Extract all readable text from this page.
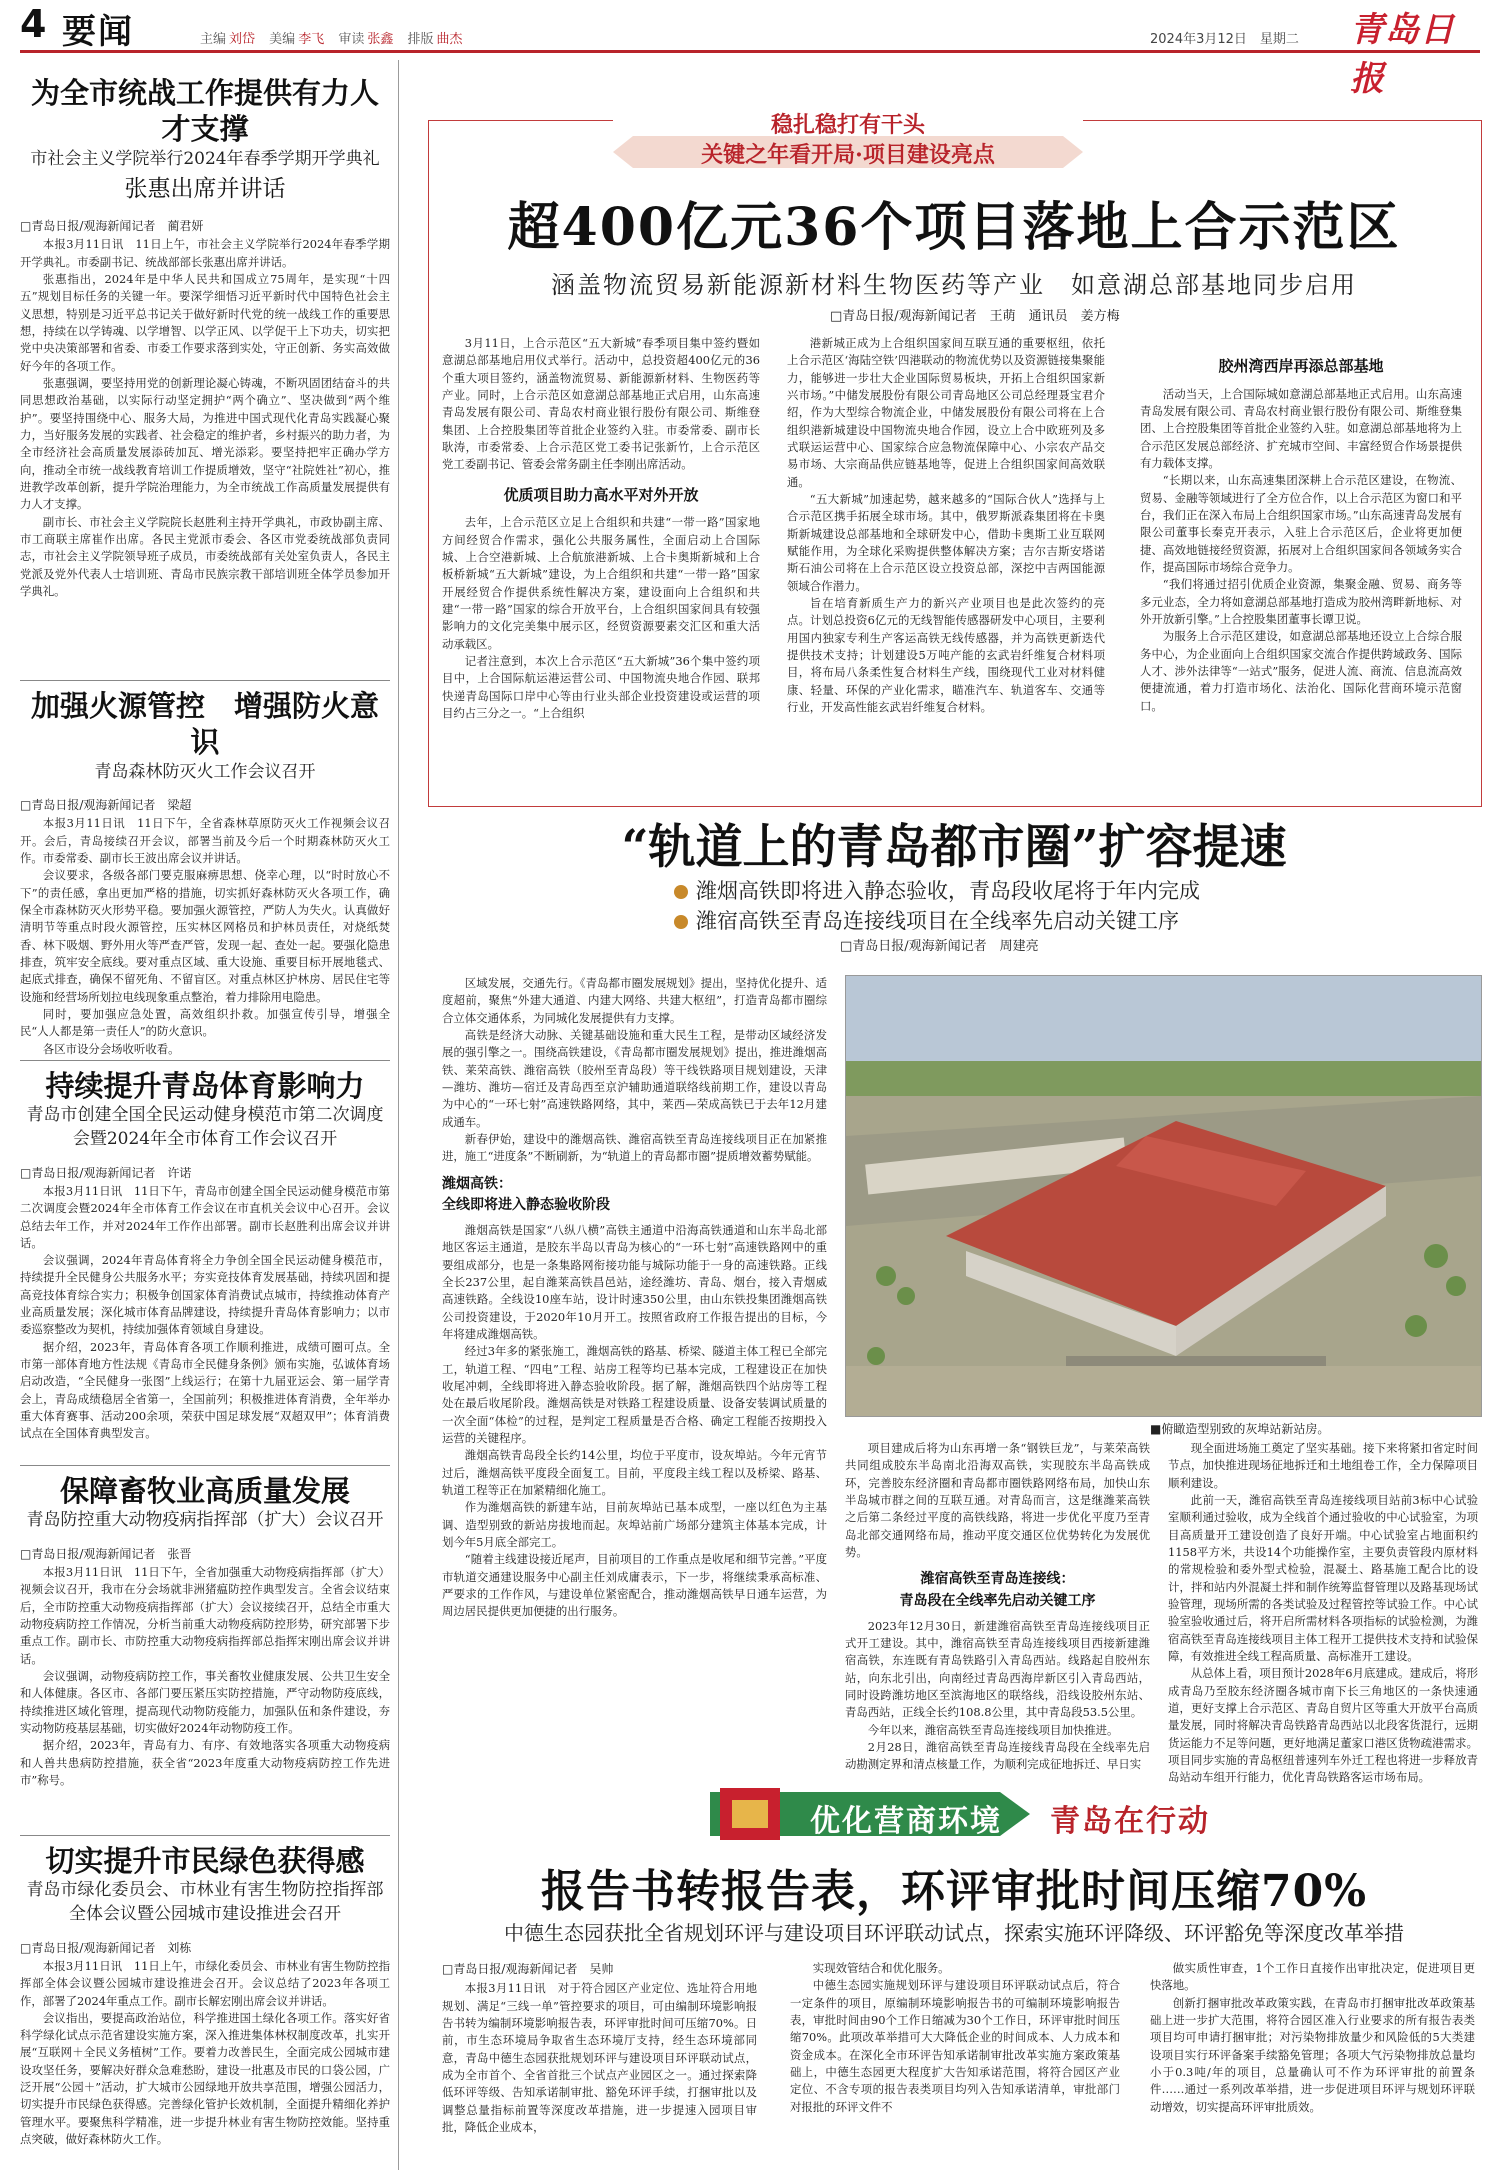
4 要闻	主编 刘岱 美编 李飞 审读 张鑫 排版 曲杰	2024年3月12日　星期二 青岛日报
为全市统战工作提供有力人才支撑
市社会主义学院举行2024年春季学期开学典礼
张惠出席并讲话
□青岛日报/观海新闻记者　蔺君妍

本报3月11日讯　11日上午，市社会主义学院举行2024年春季学期开学典礼。市委副书记、统战部部长张惠出席并讲话。

张惠指出，2024年是中华人民共和国成立75周年，是实现“十四五”规划目标任务的关键一年。要深学细悟习近平新时代中国特色社会主义思想，特别是习近平总书记关于做好新时代党的统一战线工作的重要思想，持续在以学铸魂、以学增智、以学正风、以学促干上下功夫，切实把党中央决策部署和省委、市委工作要求落到实处，守正创新、务实高效做好今年的各项工作。

张惠强调，要坚持用党的创新理论凝心铸魂，不断巩固团结奋斗的共同思想政治基础，以实际行动坚定拥护“两个确立”、坚决做到“两个维护”。要坚持围绕中心、服务大局，为推进中国式现代化青岛实践凝心聚力，当好服务发展的实践者、社会稳定的维护者，乡村振兴的助力者，为全市经济社会高质量发展添砖加瓦、增光添彩。要坚持把牢正确办学方向，推动全市统一战线教育培训工作提质增效，坚守“社院姓社”初心，推进教学改革创新，提升学院治理能力，为全市统战工作高质量发展提供有力人才支撑。

副市长、市社会主义学院院长赵胜利主持开学典礼，市政协副主席、市工商联主席崔作出席。各民主党派市委会、各区市党委统战部负责同志，市社会主义学院领导班子成员，市委统战部有关处室负责人，各民主党派及党外代表人士培训班、青岛市民族宗教干部培训班全体学员参加开学典礼。

加强火源管控　增强防火意识
青岛森林防灭火工作会议召开
□青岛日报/观海新闻记者　梁超

本报3月11日讯　11日下午，全省森林草原防灭火工作视频会议召开。会后，青岛接续召开会议，部署当前及今后一个时期森林防灭火工作。市委常委、副市长王波出席会议并讲话。

会议要求，各级各部门要克服麻痹思想、侥幸心理，以“时时放心不下”的责任感，拿出更加严格的措施，切实抓好森林防灭火各项工作，确保全市森林防灭火形势平稳。要加强火源管控，严防人为失火。认真做好清明节等重点时段火源管控，压实林区网格员和护林员责任，对烧纸焚香、林下吸烟、野外用火等严查严管，发现一起、查处一起。要强化隐患排查，筑牢安全底线。要对重点区域、重大设施、重要目标开展地毯式、起底式排查，确保不留死角、不留盲区。对重点林区护林房、居民住宅等设施和经营场所划拉电线现象重点整治，着力排除用电隐患。

同时，要加强应急处置，高效组织扑救。加强宣传引导，增强全民“人人都是第一责任人”的防火意识。

各区市设分会场收听收看。

持续提升青岛体育影响力
青岛市创建全国全民运动健身模范市第二次调度会暨2024年全市体育工作会议召开
□青岛日报/观海新闻记者　许诺

本报3月11日讯　11日下午，青岛市创建全国全民运动健身模范市第二次调度会暨2024年全市体育工作会议在市直机关会议中心召开。会议总结去年工作，并对2024年工作作出部署。副市长赵胜利出席会议并讲话。

会议强调，2024年青岛体育将全力争创全国全民运动健身模范市，持续提升全民健身公共服务水平；夯实竞技体育发展基础，持续巩固和提高竞技体育综合实力；积极争创国家体育消费试点城市，持续推动体育产业高质量发展；深化城市体育品牌建设，持续提升青岛体育影响力；以市委巡察整改为契机，持续加强体育领域自身建设。

据介绍，2023年，青岛体育各项工作顺利推进，成绩可圈可点。全市第一部体育地方性法规《青岛市全民健身条例》颁布实施，弘诚体育场启动改造，“全民健身一张图”上线运行；在第十九届亚运会、第一届学青会上，青岛成绩稳居全省第一，全国前列；积极推进体育消费，全年举办重大体育赛事、活动200余项，荣获中国足球发展“双超双甲”；体育消费试点在全国体育典型发言。

保障畜牧业高质量发展
青岛防控重大动物疫病指挥部（扩大）会议召开
□青岛日报/观海新闻记者　张晋

本报3月11日讯　11日下午，全省加强重大动物疫病指挥部（扩大）视频会议召开，我市在分会场就非洲猪瘟防控作典型发言。全省会议结束后，全市防控重大动物疫病指挥部（扩大）会议接续召开，总结全市重大动物疫病防控工作情况，分析当前重大动物疫病防控形势，研究部署下步重点工作。副市长、市防控重大动物疫病指挥部总指挥宋刚出席会议并讲话。

会议强调，动物疫病防控工作，事关畜牧业健康发展、公共卫生安全和人体健康。各区市、各部门要压紧压实防控措施，严守动物防疫底线，持续推进区域化管理，提高现代动物防疫能力，加强队伍和条件建设，夯实动物防疫基层基础，切实做好2024年动物防疫工作。

据介绍，2023年，青岛有力、有序、有效地落实各项重大动物疫病和人兽共患病防控措施，获全省“2023年度重大动物疫病防控工作先进市”称号。

切实提升市民绿色获得感
青岛市绿化委员会、市林业有害生物防控指挥部全体会议暨公园城市建设推进会召开
□青岛日报/观海新闻记者　刘栋

本报3月11日讯　11日上午，市绿化委员会、市林业有害生物防控指挥部全体会议暨公园城市建设推进会召开。会议总结了2023年各项工作，部署了2024年重点工作。副市长解宏刚出席会议并讲话。

会议指出，要提高政治站位，科学推进国土绿化各项工作。落实好省科学绿化试点示范省建设实施方案，深入推进集体林权制度改革，扎实开展“互联网＋全民义务植树”工作。要着力改善民生，全面完成公园城市建设攻坚任务，要解决好群众急难愁盼，建设一批惠及市民的口袋公园，广泛开展“公园＋”活动，扩大城市公园绿地开放共享范围，增强公园活力，切实提升市民绿色获得感。完善绿化管护长效机制，全面提升精细化养护管理水平。要聚焦科学精准，进一步提升林业有害生物防控效能。坚持重点突破，做好森林防火工作。

稳扎稳打有干头
关键之年看开局·项目建设亮点
超400亿元36个项目落地上合示范区
涵盖物流贸易新能源新材料生物医药等产业　如意湖总部基地同步启用
□青岛日报/观海新闻记者　王萌　通讯员　姜方梅

3月11日，上合示范区“五大新城”春季项目集中签约暨如意湖总部基地启用仪式举行。活动中，总投资超400亿元的36个重大项目签约，涵盖物流贸易、新能源新材料、生物医药等产业。同时，上合示范区如意湖总部基地正式启用，山东高速青岛发展有限公司、青岛农村商业银行股份有限公司、斯维登集团、上合控股集团等首批企业签约入驻。市委常委、副市长耿涛，市委常委、上合示范区党工委书记张新竹，上合示范区党工委副书记、管委会常务副主任李刚出席活动。

优质项目助力高水平对外开放

去年，上合示范区立足上合组织和共建“一带一路”国家地方间经贸合作需求，强化公共服务属性，全面启动上合国际城、上合空港新城、上合航旅港新城、上合卡奥斯新城和上合板桥新城“五大新城”建设，为上合组织和共建“一带一路”国家开展经贸合作提供系统性解决方案，建设面向上合组织和共建“一带一路”国家的综合开放平台，上合组织国家间具有较强影响力的文化完美集中展示区，经贸资源要素交汇区和重大活动承载区。

记者注意到，本次上合示范区“五大新城”36个集中签约项目中，上合国际航运港运营公司、中国物流央地合作园、联邦快递青岛国际口岸中心等由行业头部企业投资建设或运营的项目约占三分之一。“上合组织

港新城正成为上合组织国家间互联互通的重要枢纽，依托上合示范区‘海陆空铁’四港联动的物流优势以及资源链接集聚能力，能够进一步壮大企业国际贸易板块，开拓上合组织国家新兴市场。”中储发展股份有限公司青岛地区公司总经理聂宝君介绍，作为大型综合物流企业，中储发展股份有限公司将在上合组织港新城建设中国物流央地合作园，设立上合中欧班列及多式联运运营中心、国家综合应急物流保障中心、小宗农产品交易市场、大宗商品供应链基地等，促进上合组织国家间高效联通。

“五大新城”加速起势，越来越多的“国际合伙人”选择与上合示范区携手拓展全球市场。其中，俄罗斯派森集团将在卡奥斯新城建设总部基地和全球研发中心，借助卡奥斯工业互联网赋能作用，为全球化采购提供整体解决方案；吉尔吉斯安塔诺斯石油公司将在上合示范区设立投资总部，深挖中吉两国能源领域合作潜力。

旨在培育新质生产力的新兴产业项目也是此次签约的亮点。计划总投资6亿元的无线智能传感器研发中心项目，主要利用国内独家专利生产客运高铁无线传感器，并为高铁更新迭代提供技术支持；计划建设5万吨产能的玄武岩纤维复合材料项目，将布局八条柔性复合材料生产线，围绕现代工业对材料健康、轻量、环保的产业化需求，瞄准汽车、轨道客车、交通等行业，开发高性能玄武岩纤维复合材料。

胶州湾西岸再添总部基地

活动当天，上合国际城如意湖总部基地正式启用。山东高速青岛发展有限公司、青岛农村商业银行股份有限公司、斯维登集团、上合控股集团等首批企业签约入驻。如意湖总部基地将为上合示范区发展总部经济、扩充城市空间、丰富经贸合作场景提供有力载体支撑。

“长期以来，山东高速集团深耕上合示范区建设，在物流、贸易、金融等领域进行了全方位合作，以上合示范区为窗口和平台，我们正在深入布局上合组织国家市场。”山东高速青岛发展有限公司董事长秦克开表示，入驻上合示范区后，企业将更加便捷、高效地链接经贸资源，拓展对上合组织国家间各领域务实合作，提高国际市场综合竞争力。

“我们将通过招引优质企业资源，集聚金融、贸易、商务等多元业态，全力将如意湖总部基地打造成为胶州湾畔新地标、对外开放新引擎。”上合控股集团董事长谭卫说。

为服务上合示范区建设，如意湖总部基地还设立上合综合服务中心，为企业面向上合组织国家交流合作提供跨域政务、国际人才、涉外法律等“一站式”服务，促进人流、商流、信息流高效便捷流通，着力打造市场化、法治化、国际化营商环境示范窗口。

“轨道上的青岛都市圈”扩容提速
潍烟高铁即将进入静态验收，青岛段收尾将于年内完成
潍宿高铁至青岛连接线项目在全线率先启动关键工序
□青岛日报/观海新闻记者　周建亮

区域发展，交通先行。《青岛都市圈发展规划》提出，坚持优化提升、适度超前，聚焦“外建大通道、内建大网络、共建大枢纽”，打造青岛都市圈综合立体交通体系，为同城化发展提供有力支撑。

高铁是经济大动脉、关键基础设施和重大民生工程，是带动区域经济发展的强引擎之一。围绕高铁建设，《青岛都市圈发展规划》提出，推进潍烟高铁、莱荣高铁、潍宿高铁（胶州至青岛段）等干线铁路项目规划建设，天津—潍坊、潍坊—宿迁及青岛西至京沪辅助通道联络线前期工作，建设以青岛为中心的“一环七射”高速铁路网络，其中，莱西—荣成高铁已于去年12月建成通车。

新春伊始，建设中的潍烟高铁、潍宿高铁至青岛连接线项目正在加紧推进，施工“进度条”不断刷新，为“轨道上的青岛都市圈”提质增效蓄势赋能。

潍烟高铁：
全线即将进入静态验收阶段

潍烟高铁是国家“八纵八横”高铁主通道中沿海高铁通道和山东半岛北部地区客运主通道，是胶东半岛以青岛为核心的“一环七射”高速铁路网中的重要组成部分，也是一条集路网衔接功能与城际功能于一身的高速铁路。正线全长237公里，起自潍莱高铁昌邑站，途经潍坊、青岛、烟台，接入青烟威高速铁路。全线设10座车站，设计时速350公里，由山东铁投集团潍烟高铁公司投资建设，于2020年10月开工。按照省政府工作报告提出的目标，今年将建成潍烟高铁。

经过3年多的紧张施工，潍烟高铁的路基、桥梁、隧道主体工程已全部完工，轨道工程、“四电”工程、站房工程等均已基本完成，工程建设正在加快收尾冲刺，全线即将进入静态验收阶段。据了解，潍烟高铁四个站房等工程处在最后收尾阶段。潍烟高铁是对铁路工程建设质量、设备安装调试质量的一次全面“体检”的过程，是判定工程质量是否合格、确定工程能否按期投入运营的关键程序。

潍烟高铁青岛段全长约14公里，均位于平度市，设灰埠站。今年元宵节过后，潍烟高铁平度段全面复工。目前，平度段主线工程以及桥梁、路基、轨道工程等正在加紧精细化施工。

作为潍烟高铁的新建车站，目前灰埠站已基本成型，一座以红色为主基调、造型别致的新站房拔地而起。灰埠站前广场部分建筑主体基本完成，计划今年5月底全部完工。

“随着主线建设接近尾声，目前项目的工作重点是收尾和细节完善。”平度市轨道交通建设服务中心副主任刘成庸表示，下一步，将继续秉承高标准、严要求的工作作风，与建设单位紧密配合，推动潍烟高铁早日通车运营，为周边居民提供更加便捷的出行服务。

■俯瞰造型别致的灰埠站新站房。

项目建成后将为山东再增一条“钢铁巨龙”，与莱荣高铁共同组成胶东半岛南北沿海双高铁，实现胶东半岛高铁成环，完善胶东经济圈和青岛都市圈铁路网络布局，加快山东半岛城市群之间的互联互通。对青岛而言，这是继潍莱高铁之后第二条经过平度的高铁线路，将进一步优化平度乃至青岛北部交通网络布局，推动平度交通区位优势转化为发展优势。

潍宿高铁至青岛连接线：
青岛段在全线率先启动关键工序

2023年12月30日，新建潍宿高铁至青岛连接线项目正式开工建设。其中，潍宿高铁至青岛连接线项目西接新建潍宿高铁，东连既有青岛铁路引入青岛西站。线路起自胶州东站，向东北引出，向南经过青岛西海岸新区引入青岛西站，同时设跨潍坊地区至滨海地区的联络线，沿线设胶州东站、青岛西站，正线全长约108.8公里，其中青岛段53.5公里。

今年以来，潍宿高铁至青岛连接线项目加快推进。

2月28日，潍宿高铁至青岛连接线青岛段在全线率先启动勘测定界和清点核量工作，为顺利完成征地拆迁、早日实

现全面进场施工奠定了坚实基础。接下来将紧扣省定时间节点，加快推进现场征地拆迁和土地组卷工作，全力保障项目顺利建设。

此前一天，潍宿高铁至青岛连接线项目站前3标中心试验室顺利通过验收，成为全线首个通过验收的中心试验室，为项目高质量开工建设创造了良好开端。中心试验室占地面积约1158平方米，共设14个功能操作室，主要负责管段内原材料的常规检验和委外型式检验，混凝土、路基施工配合比的设计，拌和站内外混凝土拌和制作统筹监督管理以及路基现场试验管理，现场所需的各类试验及过程管控等试验工作。中心试验室验收通过后，将开启所需材料各项指标的试验检测，为潍宿高铁至青岛连接线项目主体工程开工提供技术支持和试验保障，有效推进全线工程高质量、高标准开工建设。

从总体上看，项目预计2028年6月底建成。建成后，将形成青岛乃至胶东经济圈各城市南下长三角地区的一条快速通道，更好支撑上合示范区、青岛自贸片区等重大开放平台高质量发展，同时将解决青岛铁路青岛西站以北段客货混行，远期货运能力不足等问题，更好地满足董家口港区货物疏港需求。项目同步实施的青岛枢纽普速列车外迁工程也将进一步释放青岛站动车组开行能力，优化青岛铁路客运市场布局。

优化营商环境 青岛在行动
报告书转报告表，环评审批时间压缩70%
中德生态园获批全省规划环评与建设项目环评联动试点，探索实施环评降级、环评豁免等深度改革举措
□青岛日报/观海新闻记者　吴帅

本报3月11日讯　对于符合园区产业定位、选址符合用地规划、满足“三线一单”管控要求的项目，可由编制环境影响报告书转为编制环境影响报告表，环评审批时间可压缩70%。日前，市生态环境局争取省生态环境厅支持，经生态环境部同意，青岛中德生态园获批规划环评与建设项目环评联动试点，成为全市首个、全省首批三个试点产业园区之一。通过探索降低环评等级、告知承诺制审批、豁免环评手续，打捆审批以及调整总量指标前置等深度改革措施，进一步提速入园项目审批，降低企业成本，

实现效管结合和优化服务。

中德生态园实施规划环评与建设项目环评联动试点后，符合一定条件的项目，原编制环境影响报告书的可编制环境影响报告表，审批时间由90个工作日缩减为30个工作日，环评审批时间压缩70%。此项改革举措可大大降低企业的时间成本、人力成本和资金成本。在深化全市环评告知承诺制审批改革实施方案政策基础上，中德生态园更大程度扩大告知承诺范围，将符合园区产业定位、不含专项的报告表类项目均列入告知承诺清单，审批部门对报批的环评文件不

做实质性审查，1个工作日直接作出审批决定，促进项目更快落地。

创新打捆审批改革政策实践，在青岛市打捆审批改革政策基础上进一步扩大范围，将符合园区准入行业要求的所有报告表类项目均可申请打捆审批；对污染物排放量少和风险低的5大类建设项目实行环评备案手续豁免管理；各项大气污染物排放总量均小于0.3吨/年的项目，总量确认可不作为环评审批的前置条件……通过一系列改革举措，进一步促进项目环评与规划环评联动增效，切实提高环评审批质效。
